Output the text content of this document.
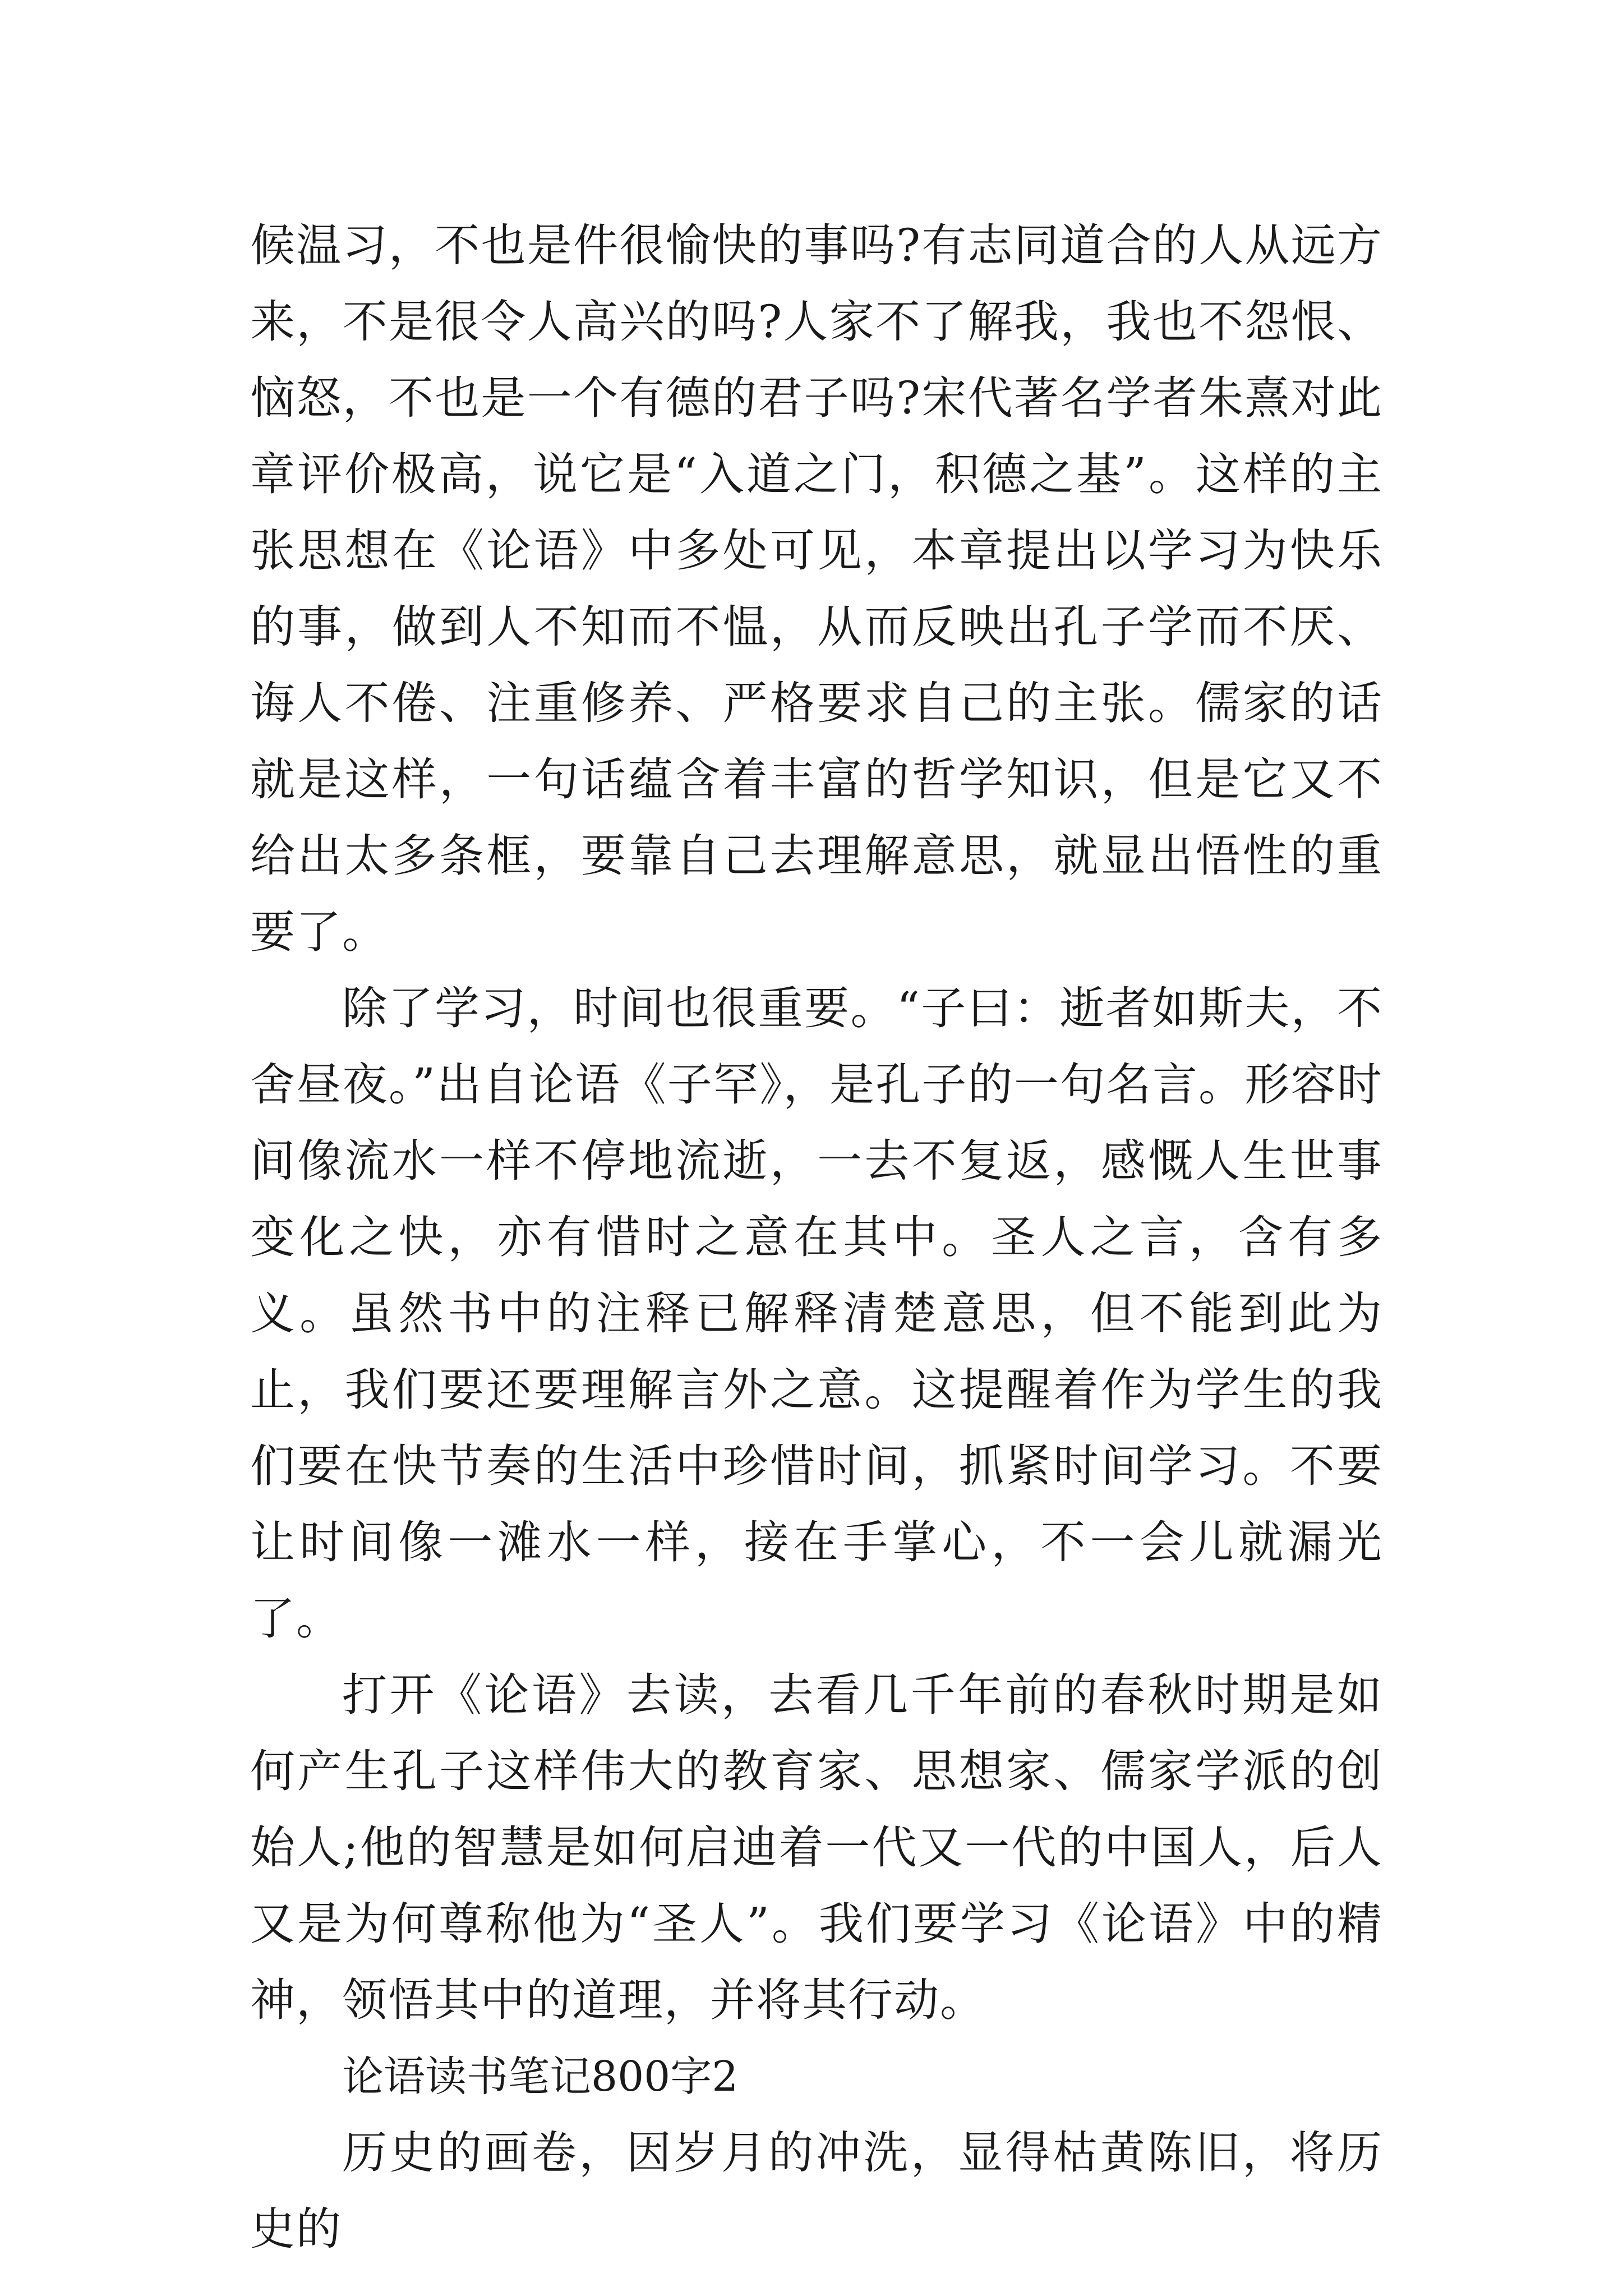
候温习，不也是件很愉快的事吗?有志同道合的人从远方来，不是很令人高兴的吗?人家不了解我，我也不怨恨、恼怒，不也是一个有德的君子吗?宋代著名学者朱熹对此章评价极高，说它是“入道之门，积德之基”。这样的主张思想在《论语》中多处可见，本章提出以学习为快乐的事，做到人不知而不愠，从而反映出孔子学而不厌、诲人不倦、注重修养、严格要求自己的主张。儒家的话就是这样，一句话蕴含着丰富的哲学知识，但是它又不给出太多条框，要靠自己去理解意思，就显出悟性的重要了。

除了学习，时间也很重要。“子曰：逝者如斯夫，不舍昼夜。”出自论语《子罕》，是孔子的一句名言。形容时间像流水一样不停地流逝，一去不复返，感慨人生世事变化之快，亦有惜时之意在其中。圣人之言，含有多义。虽然书中的注释已解释清楚意思，但不能到此为止，我们要还要理解言外之意。这提醒着作为学生的我们要在快节奏的生活中珍惜时间，抓紧时间学习。不要让时间像一滩水一样，接在手掌心，不一会儿就漏光了。

打开《论语》去读，去看几千年前的春秋时期是如何产生孔子这样伟大的教育家、思想家、儒家学派的创始人;他的智慧是如何启迪着一代又一代的中国人，后人又是为何尊称他为“圣人”。我们要学习《论语》中的精神，领悟其中的道理，并将其行动。

论语读书笔记800字2

历史的画卷，因岁月的冲洗，显得枯黄陈旧，将历史的
